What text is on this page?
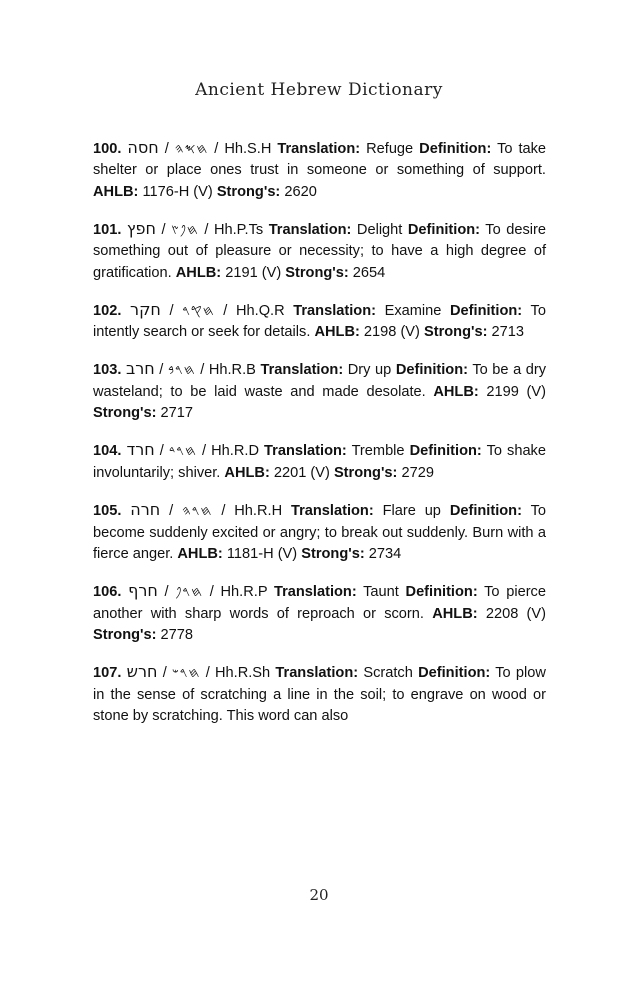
Ancient Hebrew Dictionary

100. חסה / 𐤇𐤎𐤄 / Hh.S.H Translation: Refuge Definition: To take shelter or place ones trust in someone or something of support. AHLB: 1176-H (V) Strong's: 2620

101. חפץ / 𐤇𐤐𐤑 / Hh.P.Ts Translation: Delight Definition: To desire something out of pleasure or necessity; to have a high degree of gratification. AHLB: 2191 (V) Strong's: 2654

102. חקר / 𐤇𐤒𐤓 / Hh.Q.R Translation: Examine Definition: To intently search or seek for details. AHLB: 2198 (V) Strong's: 2713

103. חרב / 𐤇𐤓𐤁 / Hh.R.B Translation: Dry up Definition: To be a dry wasteland; to be laid waste and made desolate. AHLB: 2199 (V) Strong's: 2717

104. חרד / 𐤇𐤓𐤃 / Hh.R.D Translation: Tremble Definition: To shake involuntarily; shiver. AHLB: 2201 (V) Strong's: 2729

105. חרה / 𐤇𐤓𐤄 / Hh.R.H Translation: Flare up Definition: To become suddenly excited or angry; to break out suddenly. Burn with a fierce anger. AHLB: 1181-H (V) Strong's: 2734

106. חרף / 𐤇𐤓𐤐 / Hh.R.P Translation: Taunt Definition: To pierce another with sharp words of reproach or scorn. AHLB: 2208 (V) Strong's: 2778

107. חרש / 𐤇𐤓𐤔 / Hh.R.Sh Translation: Scratch Definition: To plow in the sense of scratching a line in the soil; to engrave on wood or stone by scratching. This word can also

20
